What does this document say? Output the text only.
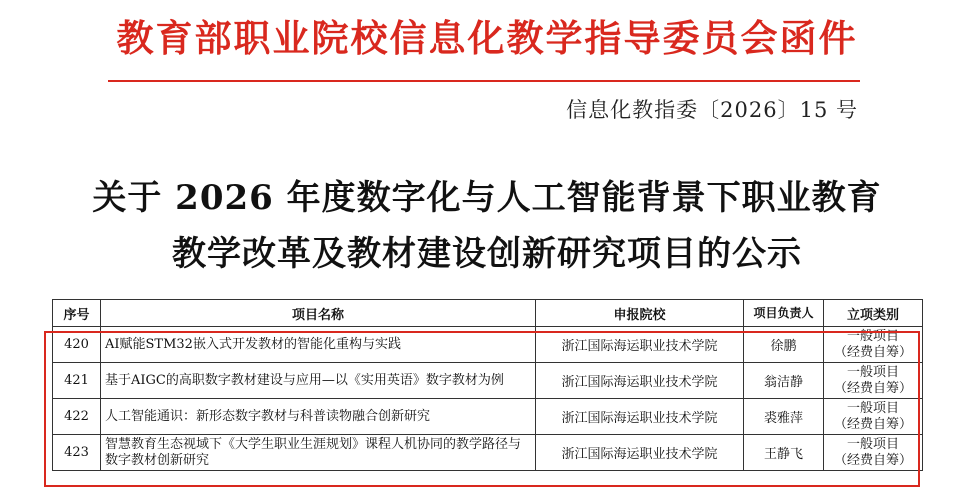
教育部职业院校信息化教学指导委员会函件
信息化教指委〔2026〕15 号
关于 2026 年度数字化与人工智能背景下职业教育
教学改革及教材建设创新研究项目的公示
序号	项目名称	申报院校	项目负责人	立项类别
420	AI赋能STM32嵌入式开发教材的智能化重构与实践	浙江国际海运职业技术学院	徐鹏	一般项目
（经费自筹）

421	基于AIGC的高职数字教材建设与应用—以《实用英语》数字教材为例	浙江国际海运职业技术学院	翁洁静	一般项目
（经费自筹）

422	人工智能通识：新形态数字教材与科普读物融合创新研究	浙江国际海运职业技术学院	裘雅萍	一般项目
（经费自筹）

423	智慧教育生态视域下《大学生职业生涯规划》课程人机协同的教学路径与数字教材创新研究	浙江国际海运职业技术学院	王静飞	一般项目
（经费自筹）
